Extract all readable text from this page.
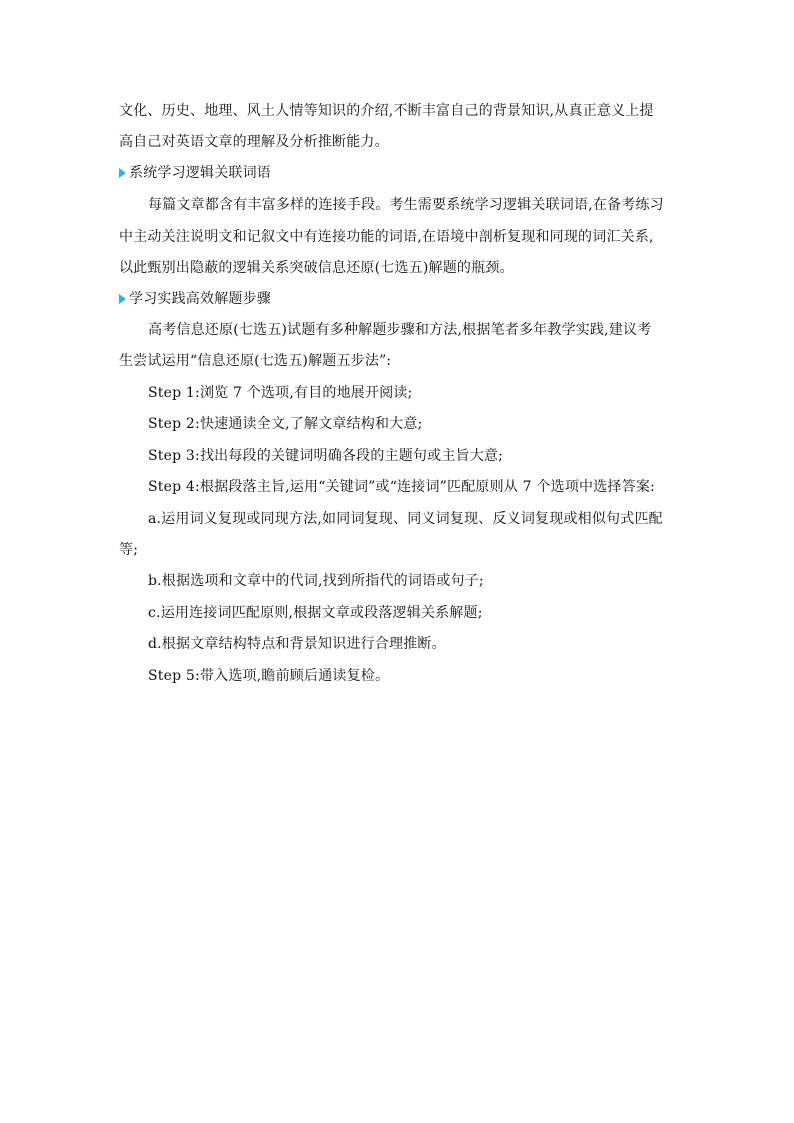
文化、历史、地理、风土人情等知识的介绍,不断丰富自己的背景知识,从真正意义上提
高自己对英语文章的理解及分析推断能力。
系统学习逻辑关联词语
每篇文章都含有丰富多样的连接手段。考生需要系统学习逻辑关联词语,在备考练习
中主动关注说明文和记叙文中有连接功能的词语,在语境中剖析复现和同现的词汇关系,
以此甄别出隐蔽的逻辑关系突破信息还原(七选五)解题的瓶颈。
学习实践高效解题步骤
高考信息还原(七选五)试题有多种解题步骤和方法,根据笔者多年教学实践,建议考
生尝试运用“信息还原(七选五)解题五步法”:
Step 1:浏览 7 个选项,有目的地展开阅读;
Step 2:快速通读全文,了解文章结构和大意;
Step 3:找出每段的关键词明确各段的主题句或主旨大意;
Step 4:根据段落主旨,运用“关键词”或“连接词”匹配原则从 7 个选项中选择答案:
a.运用词义复现或同现方法,如同词复现、同义词复现、反义词复现或相似句式匹配
等;
b.根据选项和文章中的代词,找到所指代的词语或句子;
c.运用连接词匹配原则,根据文章或段落逻辑关系解题;
d.根据文章结构特点和背景知识进行合理推断。
Step 5:带入选项,瞻前顾后通读复检。
